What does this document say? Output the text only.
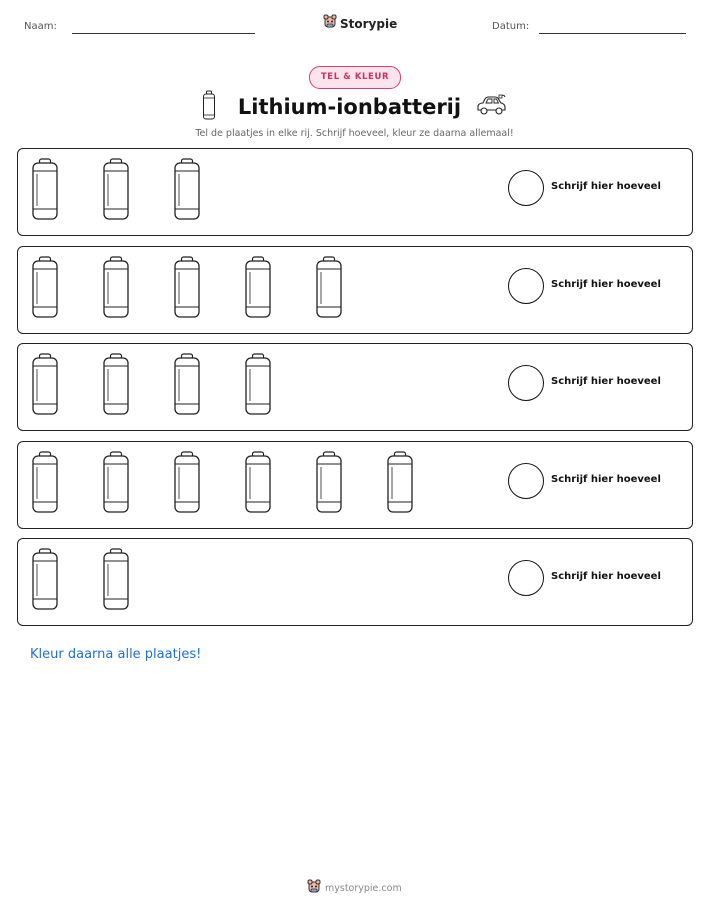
Naam:	Storypie	Datum:
TEL & KLEUR
Lithium-ionbatterij
Tel de plaatjes in elke rij. Schrijf hoeveel, kleur ze daarna allemaal!
Schrijf hier hoeveel
Schrijf hier hoeveel
Schrijf hier hoeveel
Schrijf hier hoeveel
Schrijf hier hoeveel
Kleur daarna alle plaatjes!
mystorypie.com
